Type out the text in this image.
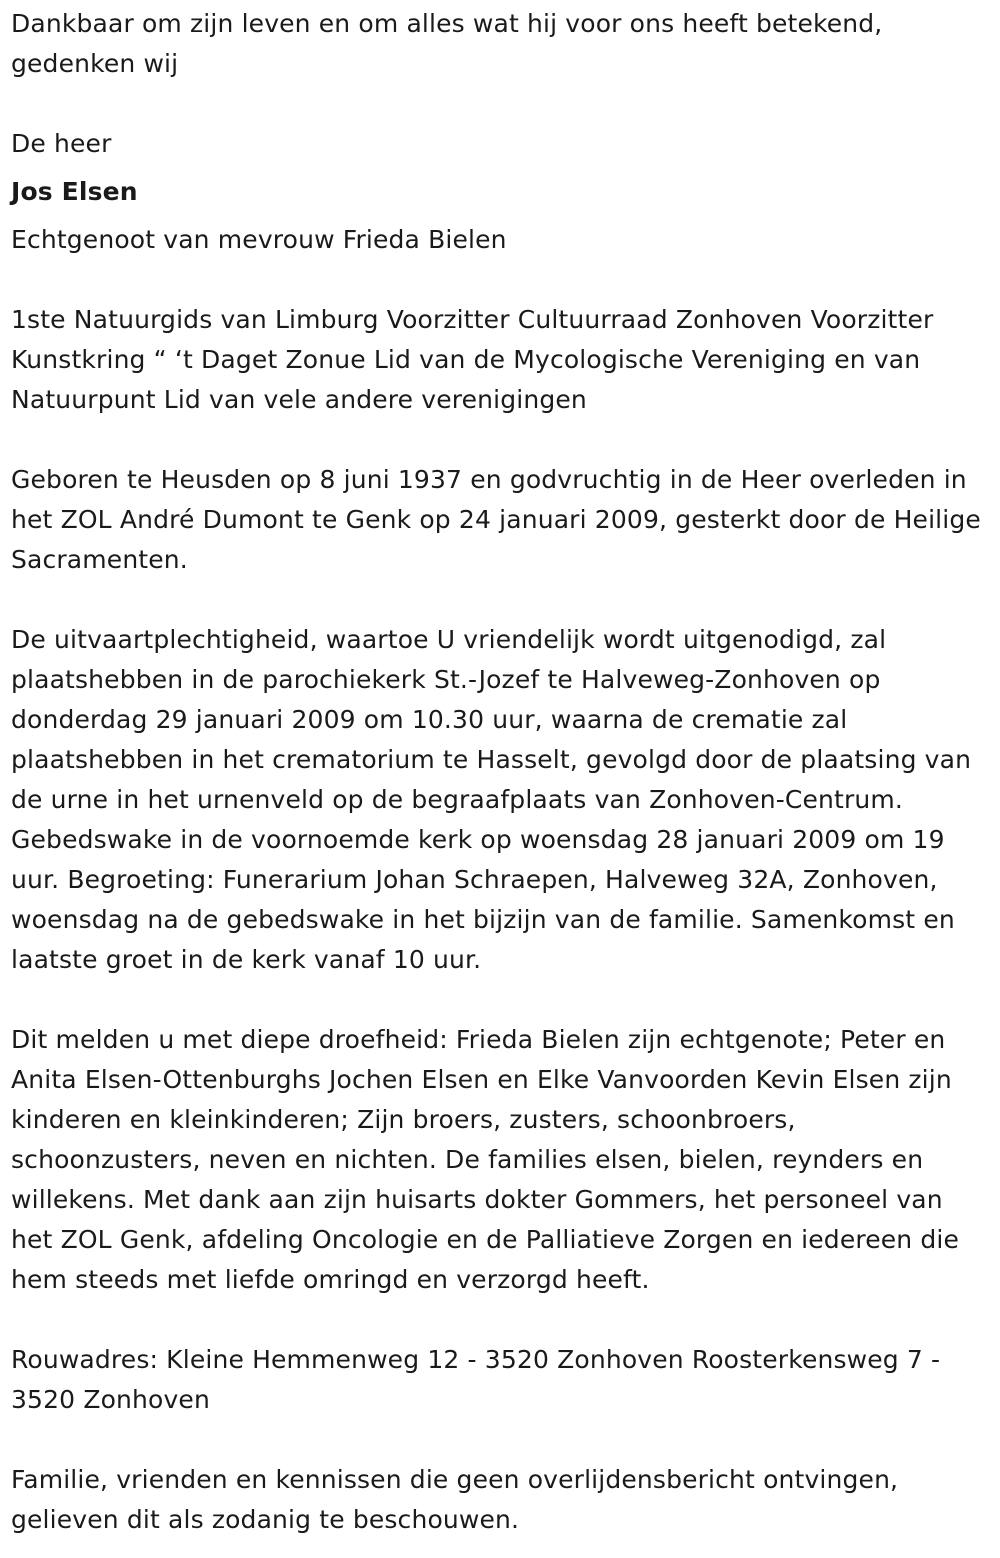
Dankbaar om zijn leven en om alles wat hij voor ons heeft betekend, gedenken wij

De heer

Jos Elsen

Echtgenoot van mevrouw Frieda Bielen

1ste Natuurgids van Limburg Voorzitter Cultuurraad Zonhoven Voorzitter Kunstkring “ ‘t Daget Zonue Lid van de Mycologische Vereniging en van Natuurpunt Lid van vele andere verenigingen

Geboren te Heusden op 8 juni 1937 en godvruchtig in de Heer overleden in het ZOL André Dumont te Genk op 24 januari 2009, gesterkt door de Heilige Sacramenten.

De uitvaartplechtigheid, waartoe U vriendelijk wordt uitgenodigd, zal plaatshebben in de parochiekerk St.-Jozef te Halveweg-Zonhoven op donderdag 29 januari 2009 om 10.30 uur, waarna de crematie zal plaatshebben in het crematorium te Hasselt, gevolgd door de plaatsing van de urne in het urnenveld op de begraafplaats van Zonhoven-Centrum. Gebedswake in de voornoemde kerk op woensdag 28 januari 2009 om 19 uur. Begroeting: Funerarium Johan Schraepen, Halveweg 32A, Zonhoven, woensdag na de gebedswake in het bijzijn van de familie. Samenkomst en laatste groet in de kerk vanaf 10 uur.

Dit melden u met diepe droefheid: Frieda Bielen zijn echtgenote; Peter en Anita Elsen-Ottenburghs Jochen Elsen en Elke Vanvoorden Kevin Elsen zijn kinderen en kleinkinderen; Zijn broers, zusters, schoonbroers, schoonzusters, neven en nichten. De families elsen, bielen, reynders en willekens. Met dank aan zijn huisarts dokter Gommers, het personeel van het ZOL Genk, afdeling Oncologie en de Palliatieve Zorgen en iedereen die hem steeds met liefde omringd en verzorgd heeft.

Rouwadres: Kleine Hemmenweg 12 - 3520 Zonhoven Roosterkensweg 7 - 3520 Zonhoven

Familie, vrienden en kennissen die geen overlijdensbericht ontvingen, gelieven dit als zodanig te beschouwen.
